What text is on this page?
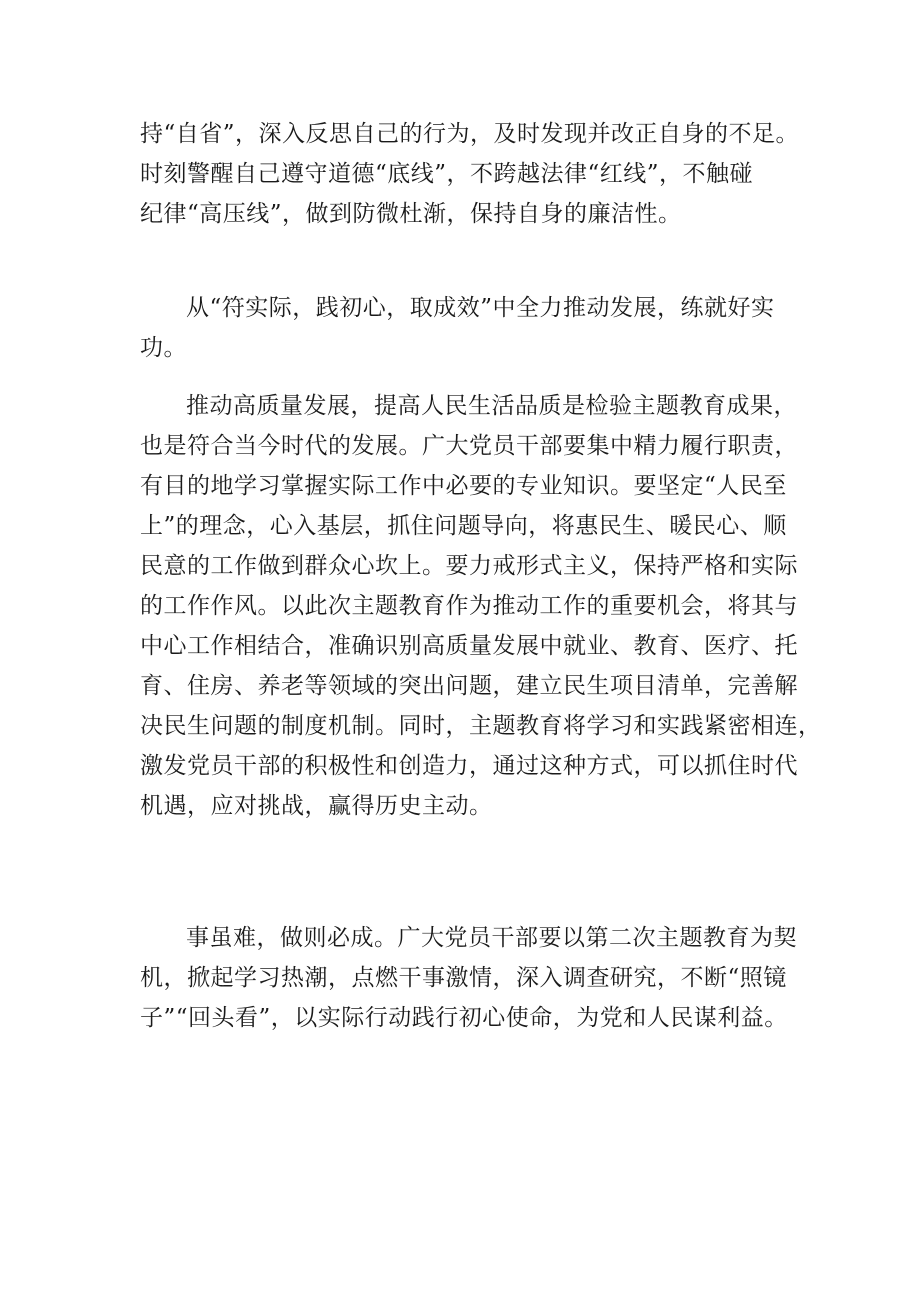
持“自省”，深入反思自己的行为，及时发现并改正自身的不足。
时刻警醒自己遵守道德“底线”，不跨越法律“红线”，不触碰
纪律“高压线”，做到防微杜渐，保持自身的廉洁性。
从“符实际，践初心，取成效”中全力推动发展，练就好实
功。
推动高质量发展，提高人民生活品质是检验主题教育成果，
也是符合当今时代的发展。广大党员干部要集中精力履行职责，
有目的地学习掌握实际工作中必要的专业知识。要坚定“人民至
上”的理念，心入基层，抓住问题导向，将惠民生、暖民心、顺
民意的工作做到群众心坎上。要力戒形式主义，保持严格和实际
的工作作风。以此次主题教育作为推动工作的重要机会，将其与
中心工作相结合，准确识别高质量发展中就业、教育、医疗、托
育、住房、养老等领域的突出问题，建立民生项目清单，完善解
决民生问题的制度机制。同时，主题教育将学习和实践紧密相连，
激发党员干部的积极性和创造力，通过这种方式，可以抓住时代
机遇，应对挑战，赢得历史主动。
事虽难，做则必成。广大党员干部要以第二次主题教育为契
机，掀起学习热潮，点燃干事激情，深入调查研究，不断“照镜
子”“回头看”，以实际行动践行初心使命，为党和人民谋利益。
